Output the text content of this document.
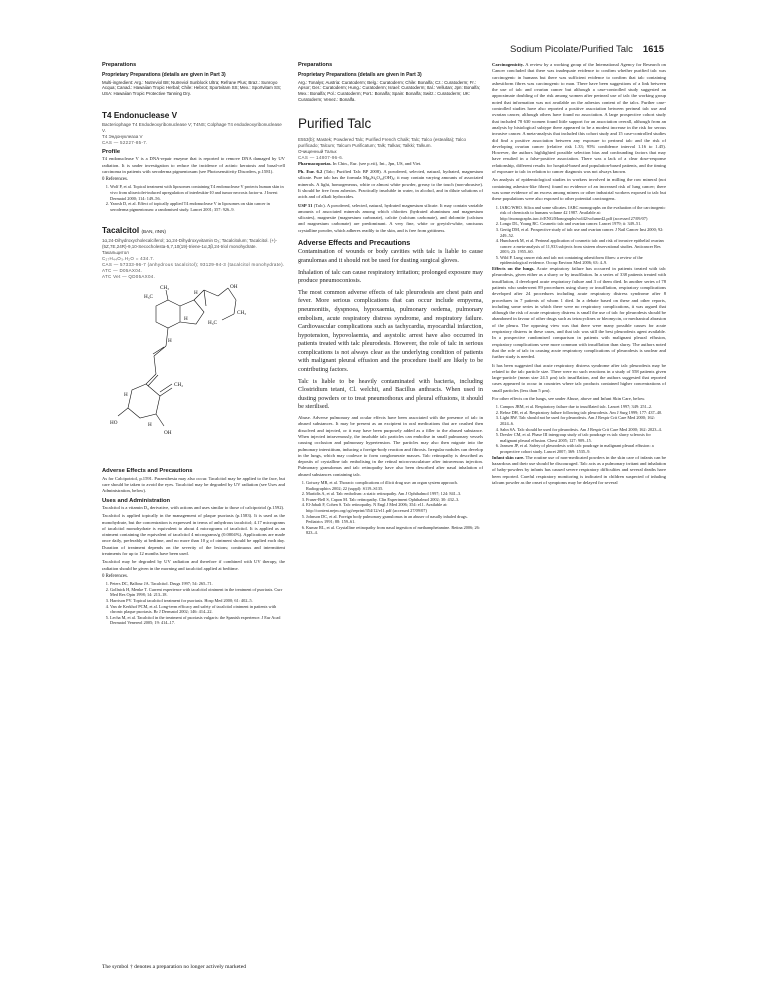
Sodium Picolate/Purified Talc 1615
Preparations
Proprietary Preparations (details are given in Part 3)

Multi-ingredient: Arg.: Nutreviol B8; Nutreviol Sunblock Ultra; Refrane Plus; Braz.: Sunroyo Acqua; Canad.: Hawaiian Tropic Herbal; Chile: Hebrot; Sportvitam SS; Mex.: Sportvitam SS; USA: Hawaiian Tropic Protective Tanning Dry.

T4 Endonuclease V

Bacteriophage T4 Endodeoxyribonuclease V; T4NS; Colphage T4 endodeoxyribonuclease V.

T4 Эндонуклеаза V

CAS — 52227-85-7.

Profile

T4 endonuclease V is a DNA-repair enzyme that is reported to remove DNA damaged by UV radiation. It is under investigation to reduce the incidence of actinic keratosis and basal-cell carcinoma in patients with xeroderma pigmentosum (see Photosensitivity Disorders, p.1581).

0 References.
1. Wolf P, et al. Topical treatment with liposomes containing T4 endonuclease V protects human skin in vivo from ultraviolet-induced upregulation of interleukin-10 and tumor necrosis factor-α. J Invest Dermatol 2000; 114: 149–56.
2. Yarosh D, et al. Effect of topically applied T4 endonuclease V in liposomes on skin cancer in xeroderma pigmentosum: a randomised study. Lancet 2001; 357: 926–9.
Tacalcitol (BAN, rINN)

1α,24-Dihydroxycholecalciferol; 1α,24-Dihydroxyvitamin D₃; Tacalcitolum; Tacalcitol. (+)-(5Z,7E,24R)-9,10-Secocholesta-5,7,10(19)-triene-1α,3β,24-triol monohydrate.

Такальцитол

C₂₇H₄₄O₃.H₂O = 434.7.

CAS — 57333-96-7 (anhydrous tacalcitol); 93129-94-3 (tacalcitol monohydrate).

ATC — D05AX04.

ATC Vet — QD05AX04.

H₃C
CH₃
H
OH
CH₃
H₃C
H
H
CH₂
H
HO	H
OH
Adverse Effects and Precautions

As for Calcipotriol, p.1591. Paraesthesia may also occur. Tacalcitol may be applied to the face, but care should be taken to avoid the eyes. Tacalcitol may be degraded by UV radiation (see Uses and Administration, below).

Uses and Administration

Tacalcitol is a vitamin D₃ derivative, with actions and uses similar to those of calcipotriol (p.1592).

Tacalcitol is applied topically in the management of plaque psoriasis (p.1583). It is used as the monohydrate, but the concentration is expressed in terms of anhydrous tacalcitol; 4.17 micrograms of tacalcitol monohydrate is equivalent to about 4 micrograms of tacalcitol. It is applied as an ointment containing the equivalent of tacalcitol 4 micrograms/g (0.0004%). Applications are made once daily, preferably at bedtime, and no more than 10 g of ointment should be applied each day. Duration of treatment depends on the severity of the lesions; continuous and intermittent treatments for up to 12 months have been used.

Tacalcitol may be degraded by UV radiation and therefore if combined with UV therapy, the radiation should be given in the morning and tacalcitol applied at bedtime.

0 References.
1. Peters DC, Balfour JA. Tacalcitol. Drugs 1997; 54: 265–71.
2. Gollnick H, Menke T. Current experience with tacalcitol ointment in the treatment of psoriasis. Curr Med Res Opin 1998; 14: 213–18.
3. Harrison PV. Topical tacalcitol treatment for psoriasis. Hosp Med 2000; 61: 402–5.
4. Van de Kerkhof PCM, et al. Long-term efficacy and safety of tacalcitol ointment in patients with chronic plaque psoriasis. Br J Dermatol 2002; 146: 414–22.
5. Lecha M, et al. Tacalcitol in the treatment of psoriasis vulgaris: the Spanish experience. J Eur Acad Dermatol Venereol 2005; 19: 414–17.
Preparations
Proprietary Preparations (details are given in Part 3)

Arg.: Tonalys; Austria: Curatoderm; Belg.: Curatoderm; Chile: Bonalfa; Cz.: Curatoderm; Fr.: Apsor; Ger.: Curatoderm; Hung.: Curatoderm; Israel: Curatoderm; Ital.: Vellutan; Jpn: Bonalfa; Mex.: Bonalfa; Pol.: Curatoderm; Port.: Bonalfa; Spain: Bonalfa; Switz.: Curatoderm; UK: Curatoderm; Venez.: Bonalfa.

Purified Talc

E553(b); Mastek; Powdered Talc; Purified French Chalk; Talc; Talco (estealita); Talco purificado; Talcum; Talcum Purificatum; Talk; Talkas; Talkki; Talkum.

Очищенный Тальк

CAS — 14807-96-6.

Pharmacopoeias. In Chin., Eur. (see p.vii), Int., Jpn, US, and Viet.

Ph. Eur. 6.2 (Talc; Purified Talc BP 2008). A powdered, selected, natural, hydrated, magnesium silicate. Pure talc has the formula Mg₃Si₄O₁₀(OH)₂; it may contain varying amounts of associated minerals. A light, homogeneous, white or almost white powder, greasy to the touch (non-abrasive). It should be free from asbestos. Practically insoluble in water, in alcohol, and in dilute solutions of acids and of alkali hydroxides.

USP 31 (Talc). A powdered, selected, natural, hydrated magnesium silicate. It may contain variable amounts of associated minerals among which chlorites (hydrated aluminium and magnesium silicates), magnesite (magnesium carbonate), calcite (calcium carbonate), and dolomite (calcium and magnesium carbonate) are predominant. A very fine, white or greyish-white, unctuous crystalline powder, which adheres readily to the skin, and is free from grittiness.

Adverse Effects and Precautions

Contamination of wounds or body cavities with talc is liable to cause granulomas and it should not be used for dusting surgical gloves.

Inhalation of talc can cause respiratory irritation; prolonged exposure may produce pneumoconiosis.

The most common adverse effects of talc pleurodesis are chest pain and fever. More serious complications that can occur include empyema, pneumonitis, dyspnoea, hypoxaemia, pulmonary oedema, pulmonary embolism, acute respiratory distress syndrome, and respiratory failure. Cardiovascular complications such as tachycardia, myocardial infarction, hypotension, hypovolaemia, and asystolic arrest have also occurred in patients treated with talc pleurodesis. However, the role of talc in serious complications is not always clear as the underlying condition of patients with malignant pleural effusion and the procedure itself are likely to be contributing factors.

Talc is liable to be heavily contaminated with bacteria, including Clostridium tetani, Cl. welchii, and Bacillus anthracis. When used in dusting powders or to treat pneumothorax and pleural effusions, it should be sterilised.

Abuse. Adverse pulmonary and ocular effects have been associated with the presence of talc in abused substances. It may be present as an excipient in oral medications that are crushed then dissolved and injected, or it may have been purposely added as a filler to the abused substance. When injected intravenously, the insoluble talc particles can embolise in small pulmonary vessels causing occlusion and pulmonary hypertension. The particles may also then migrate into the pulmonary interstitium, inducing a foreign-body reaction and fibrosis. Irregular nodules can develop in the lungs, which may coalesce to form conglomerate masses. Talc retinopathy is described as deposits of crystalline talc embolising in the retinal microvasculature after intravenous injection. Pulmonary granulomas and talc retinopathy have also been described after nasal inhalation of abused substances containing talc.

1. Gotway MB, et al. Thoracic complications of illicit drug use: an organ system approach. Radiographics 2002; 22 (suppl): S119–S135.
2. Martidis A, et al. Talc embolism: a static retinopathy. Am J Ophthalmol 1997; 124: 841–3.
3. Fraser-Bell S, Capon M. Talc retinopathy. Clin Experiment Ophthalmol 2002; 30: 432–3.
4. El-Jabali F, Cohen S. Talc retinopathy. N Engl J Med 2006; 354: e11. Available at: http://content.nejm.org/cgi/reprint/354/12/e11.pdf (accessed 27/09/07)
5. Johnson DC, et al. Foreign body pulmonary granulomas in an abuser of nasally inhaled drugs. Pediatrics 1991; 88: 159–61.
6. Kumar RL, et al. Crystalline retinopathy from nasal ingestion of methamphetamine. Retina 2006; 26: 823–4.

Carcinogenicity. A review by a working group of the International Agency for Research on Cancer concluded that there was inadequate evidence to confirm whether purified talc was carcinogenic in humans but there was sufficient evidence to confirm that talc containing asbestiform fibres was carcinogenic to man. There have been suggestions of a link between the use of talc and ovarian cancer but although a case-controlled study suggested an approximate doubling of the risk among women after perineal use of talc the working group noted that information was not available on the asbestos content of the talcs. Further case-controlled studies have also reported a positive association between perineal talc use and ovarian cancer, although others have found no association. A large prospective cohort study that included 78 630 women found little support for an association overall, although from an analysis by histological subtype there appeared to be a modest increase in the risk for serous invasive cancer. A meta-analysis that included this cohort study and 15 case-controlled studies did find a positive association between any exposure to perineal talc and the risk of developing ovarian cancer (relative risk 1.33; 95% confidence interval 1.16 to 1.45). However, the authors highlighted possible selection bias and confounding factors that may have resulted in a false-positive association. There was a lack of a clear dose-response relationship, different results for hospital-based and population-based patients, and the timing of exposure to talc in relation to cancer diagnosis was not always known.

An analysis of epidemiological studies in workers involved in milling the raw mineral (not containing asbestos-like fibres) found no evidence of an increased risk of lung cancer; there was some evidence of an excess among miners or other industrial workers exposed to talc but these populations were also exposed to other potential carcinogens.

1. IARC/WHO. Silica and some silicates. IARC monographs on the evaluation of the carcinogenic risk of chemicals to humans volume 42 1987. Available at: http://monographs.iarc.fr/ENG/Monographs/vol42/volume42.pdf (accessed 27/09/07)
2. Longo DL, Young RC. Cosmetic talc and ovarian cancer. Lancet 1979; ii: 349–51.
3. Gertig DM, et al. Prospective study of talc use and ovarian cancer. J Natl Cancer Inst 2000; 92: 249–52.
4. Huncharek M, et al. Perineal application of cosmetic talc and risk of invasive epithelial ovarian cancer: a meta-analysis of 11,933 subjects from sixteen observational studies. Anticancer Res 2003; 23: 1955–60.
5. Wild P. Lung cancer risk and talc not containing asbestiform fibres: a review of the epidemiological evidence. Occup Environ Med 2006; 63: 4–9.

Effects on the lungs. Acute respiratory failure has occurred in patients treated with talc pleurodesis, given either as a slurry or by insufflation. In a series of 338 patients treated with insufflation, 4 developed acute respiratory failure and 3 of them died. In another series of 78 patients who underwent 89 procedures using slurry or insufflation, respiratory complications developed after 24 procedures including acute respiratory distress syndrome after 8 procedures in 7 patients of whom 1 died. In a debate based on these and other reports, including some series in which there were no respiratory complications, it was argued that although the risk of acute respiratory distress is small the use of talc for pleurodesis should be abandoned in favour of other drugs such as tetracyclines or bleomycin, or mechanical abrasion of the pleura. The opposing view was that there were many possible causes for acute respiratory distress in these cases, and that talc was still the best pleurodesis agent available. In a prospective randomised comparison in patients with malignant pleural effusion, respiratory complications were more common with insufflation than slurry. The authors noted that the role of talc in causing acute respiratory complications of pleurodesis is unclear and further study is needed.

It has been suggested that acute respiratory distress syndrome after talc pleurodesis may be related to the talc particle size. There were no such reactions in a study of 558 patients given large-particle (mean size 24.5 μm) talc insufflation, and the authors suggested that reported cases appeared to occur in countries where talc products contained higher concentrations of small particles (less than 5 μm).

For other effects on the lungs, see under Abuse, above and Infant Skin Care, below.

1. Campos JRM, et al. Respiratory failure due to insufflated talc. Lancet 1997; 349: 251–2.
2. Rehse DH, et al. Respiratory failure following talc pleurodesis. Am J Surg 1999; 177: 437–40.
3. Light RW. Talc should not be used for pleurodesis. Am J Respir Crit Care Med 2000; 162: 2024–6.
4. Sahn SA. Talc should be used for pleurodesis. Am J Respir Crit Care Med 2000; 162: 2023–4.
5. Dresler CM, et al. Phase III intergroup study of talc poudrage vs talc slurry sclerosis for malignant pleural effusion. Chest 2005; 127: 909–15.
6. Janssen JP, et al. Safety of pleurodesis with talc poudrage in malignant pleural effusion: a prospective cohort study. Lancet 2007; 369: 1535–9.

Infant skin care. The routine use of non-medicated powders in the skin care of infants can be hazardous and their use should be discouraged. Talc acts as a pulmonary irritant and inhalation of baby-powders by infants has caused severe respiratory difficulties and several deaths have been reported. Careful respiratory monitoring is indicated in children suspected of inhaling talcum powder as the onset of symptoms may be delayed for several

The symbol † denotes a preparation no longer actively marketed
